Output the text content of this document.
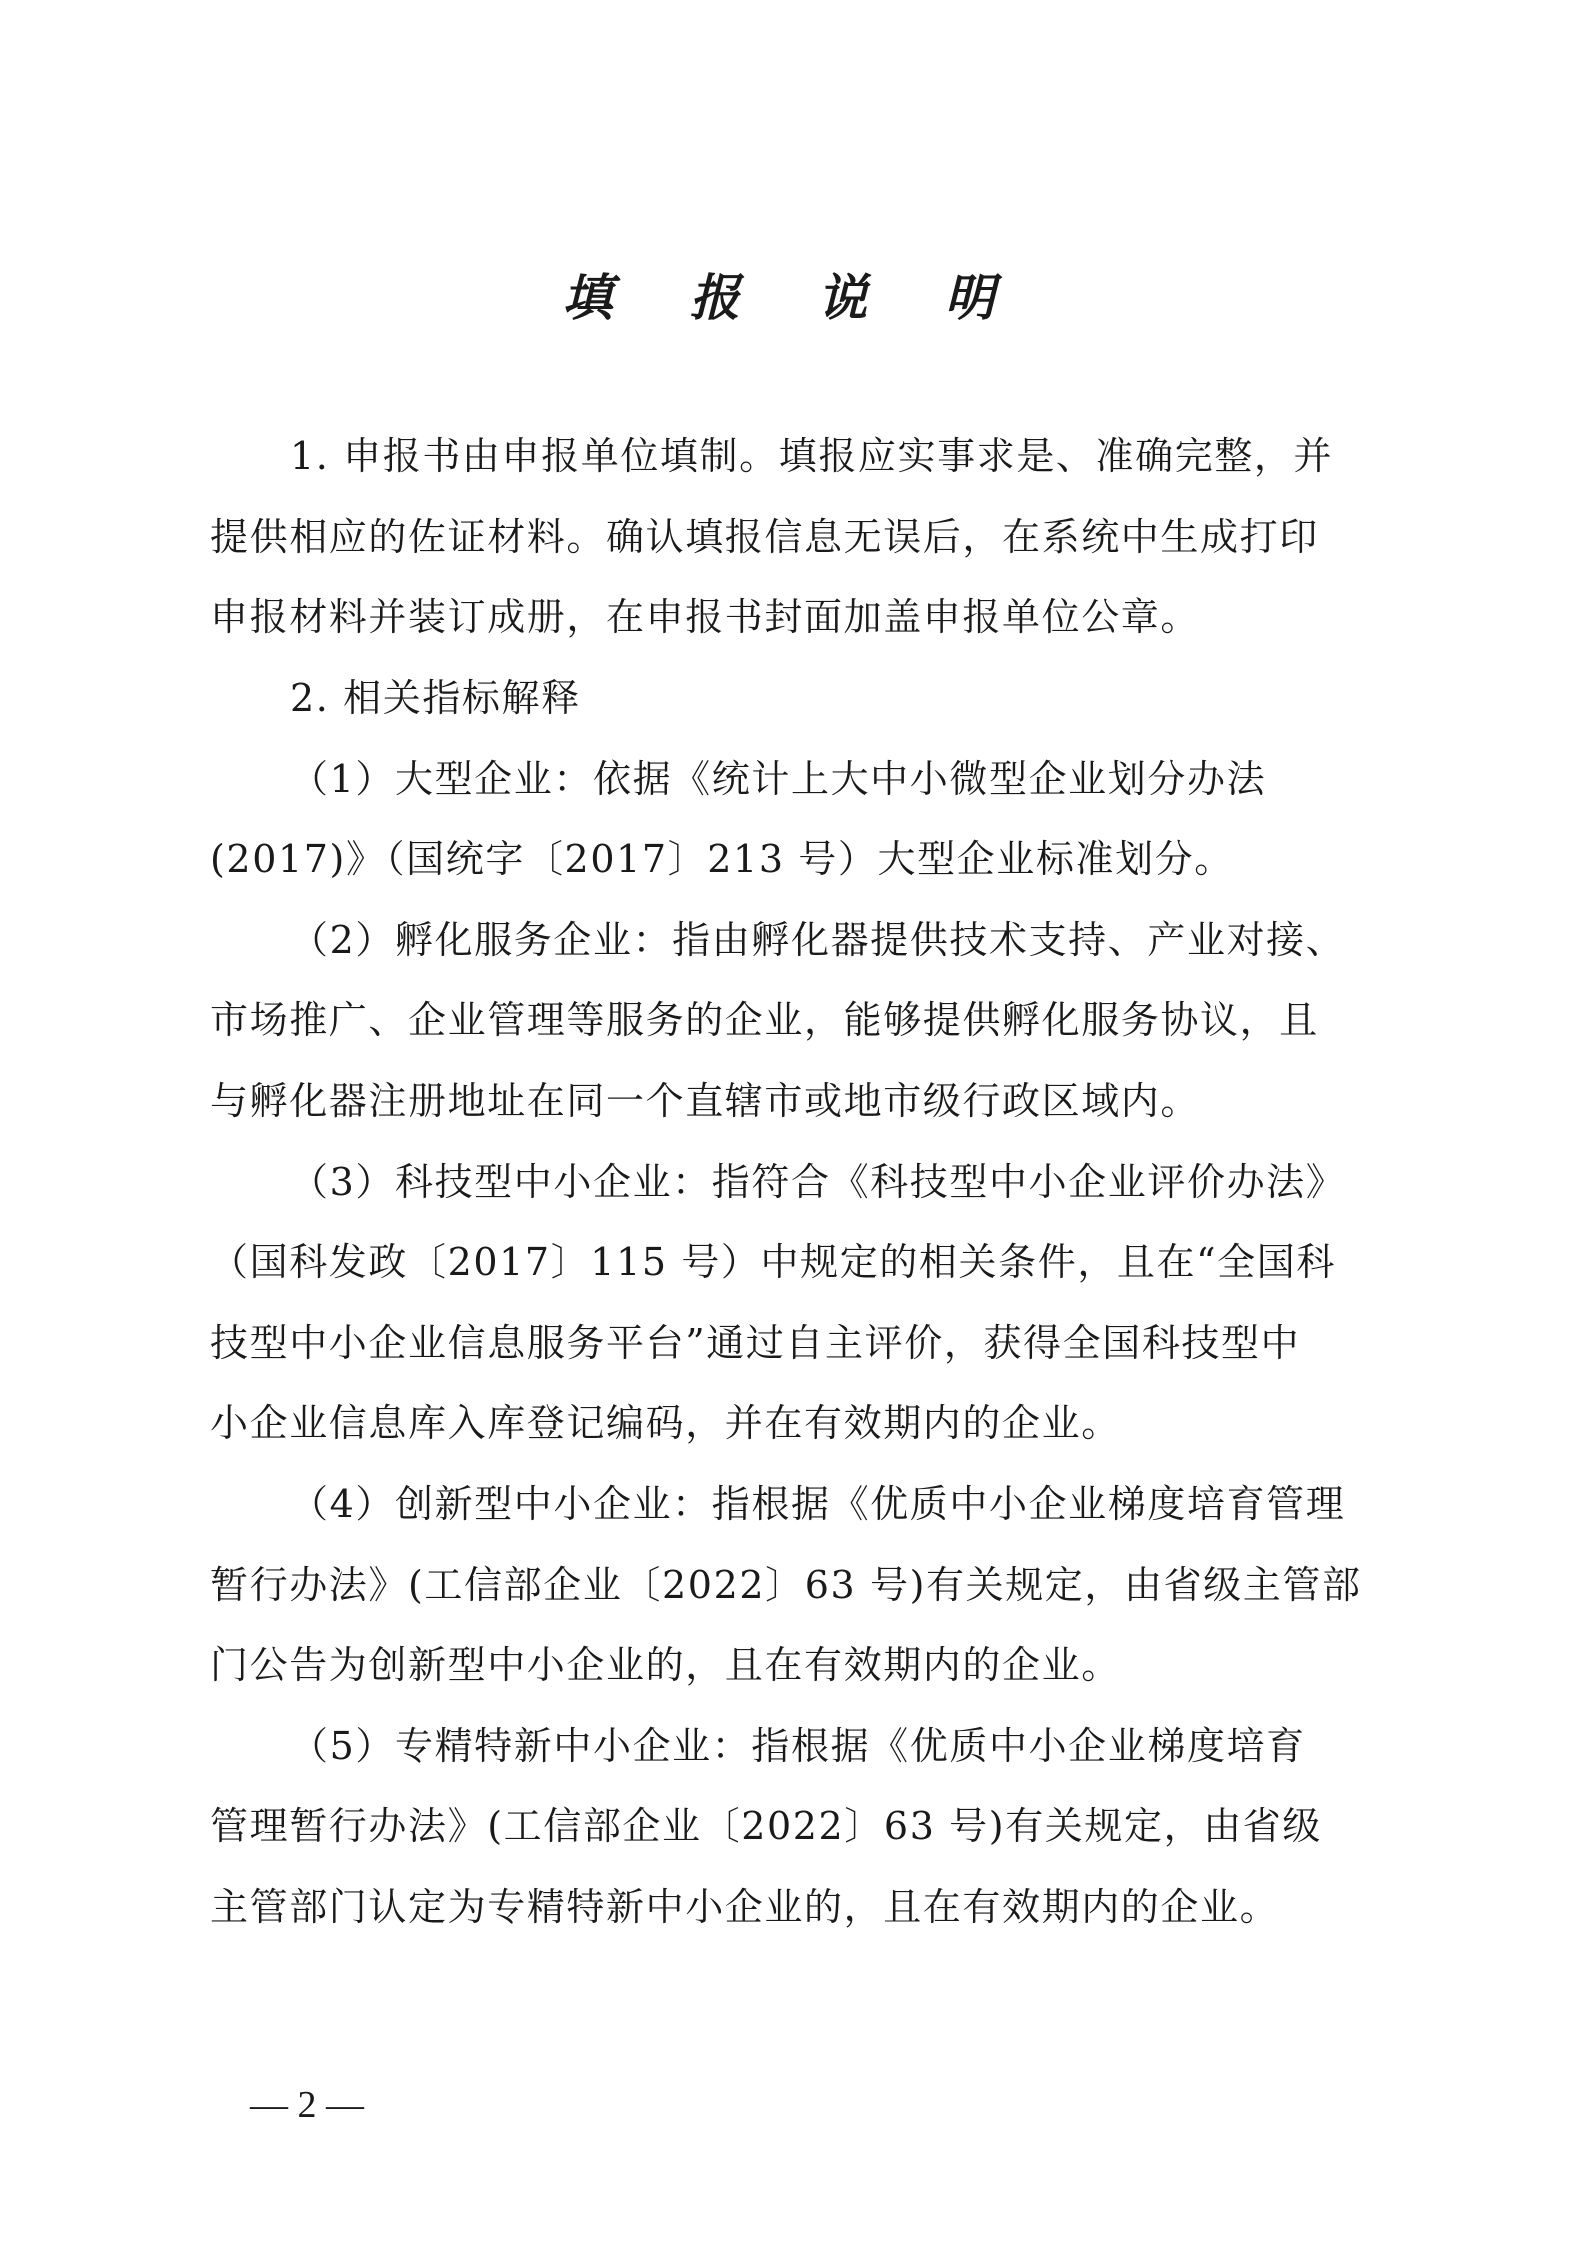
填 报 说 明
1. 申报书由申报单位填制。填报应实事求是、准确完整，并
提供相应的佐证材料。确认填报信息无误后，在系统中生成打印
申报材料并装订成册，在申报书封面加盖申报单位公章。
2. 相关指标解释
（1）大型企业：依据《统计上大中小微型企业划分办法
(2017)》（国统字〔2017〕213 号）大型企业标准划分。
（2）孵化服务企业：指由孵化器提供技术支持、产业对接、
市场推广、企业管理等服务的企业，能够提供孵化服务协议，且
与孵化器注册地址在同一个直辖市或地市级行政区域内。
（3）科技型中小企业：指符合《科技型中小企业评价办法》
（国科发政〔2017〕115 号）中规定的相关条件，且在“全国科
技型中小企业信息服务平台”通过自主评价，获得全国科技型中
小企业信息库入库登记编码，并在有效期内的企业。
（4）创新型中小企业：指根据《优质中小企业梯度培育管理
暂行办法》(工信部企业〔2022〕63 号)有关规定，由省级主管部
门公告为创新型中小企业的，且在有效期内的企业。
（5）专精特新中小企业：指根据《优质中小企业梯度培育
管理暂行办法》(工信部企业〔2022〕63 号)有关规定，由省级
主管部门认定为专精特新中小企业的，且在有效期内的企业。
— 2 —
